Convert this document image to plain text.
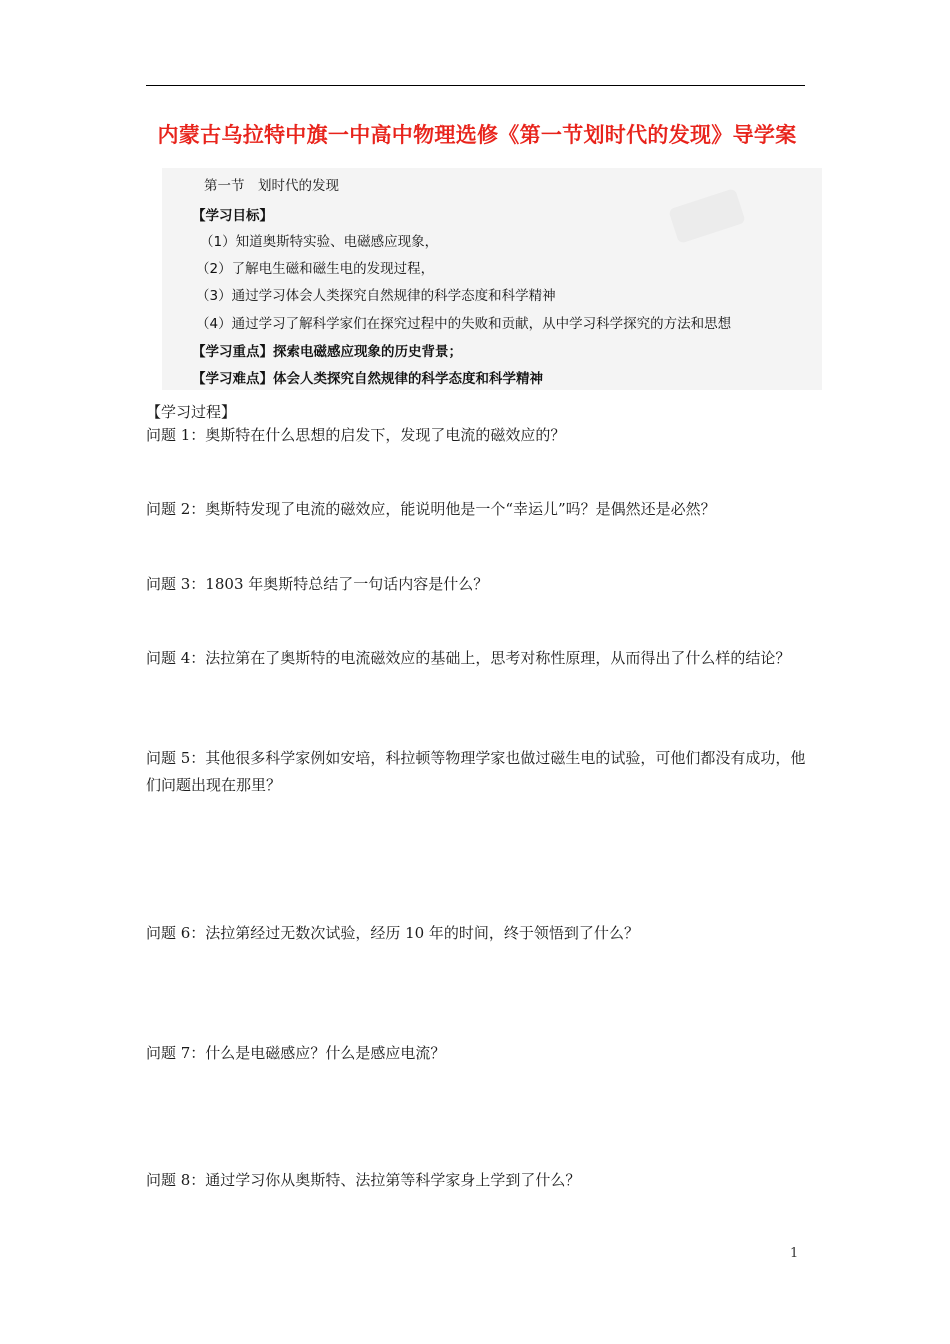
内蒙古乌拉特中旗一中高中物理选修《第一节划时代的发现》导学案
第一节　划时代的发现
【学习目标】
（1）知道奥斯特实验、电磁感应现象，
（2）了解电生磁和磁生电的发现过程，
（3）通过学习体会人类探究自然规律的科学态度和科学精神
（4）通过学习了解科学家们在探究过程中的失败和贡献，从中学习科学探究的方法和思想
【学习重点】探索电磁感应现象的历史背景；
【学习难点】体会人类探究自然规律的科学态度和科学精神
【学习过程】
问题 1：奥斯特在什么思想的启发下，发现了电流的磁效应的？
问题 2：奥斯特发现了电流的磁效应，能说明他是一个“幸运儿”吗？是偶然还是必然？
问题 3：1803 年奥斯特总结了一句话内容是什么？
问题 4：法拉第在了奥斯特的电流磁效应的基础上，思考对称性原理，从而得出了什么样的结论？
问题 5：其他很多科学家例如安培，科拉顿等物理学家也做过磁生电的试验，可他们都没有成功，他们问题出现在那里？
问题 6：法拉第经过无数次试验，经历 10 年的时间，终于领悟到了什么？
问题 7：什么是电磁感应？什么是感应电流？
问题 8：通过学习你从奥斯特、法拉第等科学家身上学到了什么？
1
